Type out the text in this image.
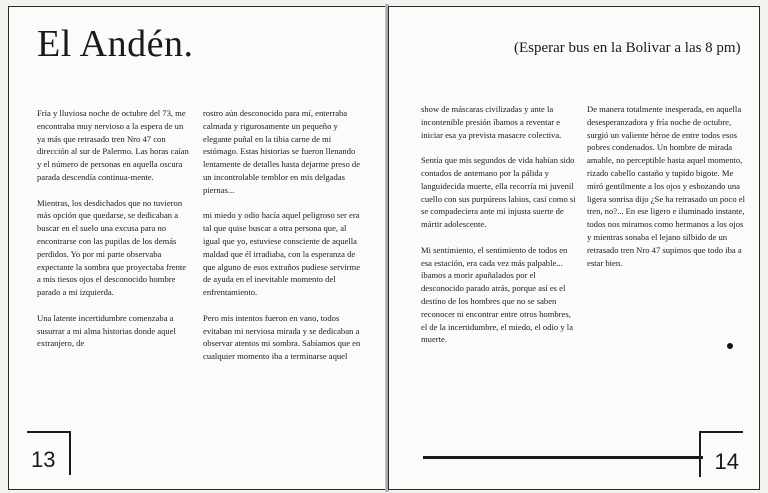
El Andén.

Fría y lluviosa noche de octubre del 73, me encontraba muy nervioso a la espera de un ya más que retrasado tren Nro 47 con dirección al sur de Palermo. Las horas caían y el número de personas en aquella oscura parada descendía continua-mente.

Mientras, los desdichados que no tuvieron más opción que quedarse, se dedicaban a buscar en el suelo una excusa para no encontrarse con las pupilas de los demás perdidos. Yo por mi parte observaba expectante la sombra que proyectaba frente a mis tiesos ojos el desconocido hombre parado a mi izquierda.

Una latente incertidumbre comenzaba a susurrar a mi alma historias donde aquel extranjero, de

rostro aún desconocido para mí, enterraba calmada y rigurosamente un pequeño y elegante puñal en la tibia carne de mi estómago. Estas historias se fueron llenando lentamente de detalles hasta dejarme preso de un incontrolable temblor en mis delgadas piernas...

mi miedo y odio hacía aquel peligroso ser era tal que quise buscar a otra persona que, al igual que yo, estuviese consciente de aquella maldad que él irradiaba, con la esperanza de que alguno de esos extraños pudiese servirme de ayuda en el inevitable momento del enfrentamiento.

Pero mis intentos fueron en vano, todos evitaban mi nerviosa mirada y se dedicaban a observar atentos mi sombra. Sabíamos que en cualquier momento iba a terminarse aquel

13

(Esperar bus en la Bolivar a las 8 pm)

show de máscaras civilizadas y ante la incontenible presión íbamos a reventar e iniciar esa ya prevista masacre colectiva.

Sentía que mis segundos de vida habían sido contados de antemano por la pálida y languidecida muerte, ella recorría mi juvenil cuello con sus purpúreos labios, casi como si se compadeciera ante mi injusta suerte de mártir adolescente.

Mi sentimiento, el sentimiento de todos en esa estación, era cada vez más palpable... íbamos a morir apuñalados por el desconocido parado atrás, porque así es el destino de los hombres que no se saben reconocer ni encontrar entre otros hombres, el de la incertidumbre, el miedo, el odio y la muerte.

De manera totalmente inesperada, en aquella desesperanzadora y fría noche de octubre, surgió un valiente héroe de entre todos esos pobres condenados. Un hombre de mirada amable, no perceptible hasta aquel momento, rizado cabello castaño y tupido bigote. Me miró gentilmente a los ojos y esbozando una ligera sonrisa dijo ¿Se ha retrasado un poco el tren, no?... En ese ligero e iluminado instante, todos nos miramos como hermanos a los ojos y mientras sonaba el lejano silbido de un retrasado tren Nro 47 supimos que todo iba a estar bien.

14
